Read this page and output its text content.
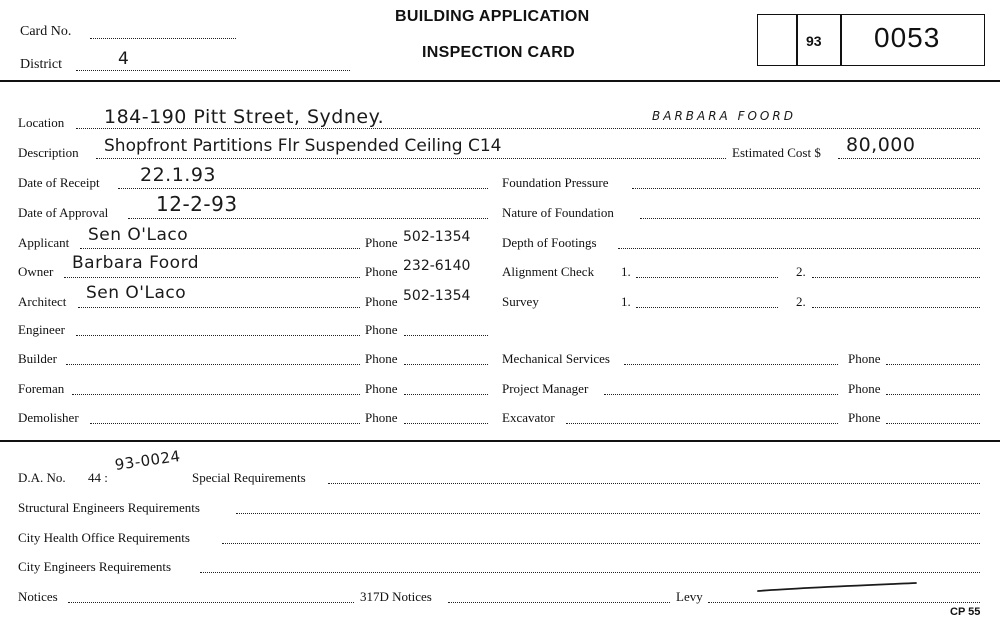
Card No.
District	4
BUILDING APPLICATION
INSPECTION CARD
93 0053
Location 184-190 Pitt Street, Sydney.	BARBARA FOORD
Description Shopfront Partitions Flr Suspended Ceiling C14	Estimated Cost $ 80,000
Date of Receipt 22.1.93	Foundation Pressure
Date of Approval 12-2-93	Nature of Foundation
Applicant Sen O'Laco	Phone 502-1354 Depth of Footings
Owner Barbara Foord	Phone 232-6140 Alignment Check 1.	2.
Architect Sen O'Laco	Phone 502-1354 Survey	1.	2.
Engineer	Phone
Builder	Phone	Mechanical Services	Phone
Foreman	Phone	Project Manager	Phone
Demolisher	Phone	Excavator	Phone
D.A. No. 44 :
93-0024
Special Requirements
Structural Engineers Requirements
City Health Office Requirements
City Engineers Requirements
Notices	317D Notices	Levy
CP 55
